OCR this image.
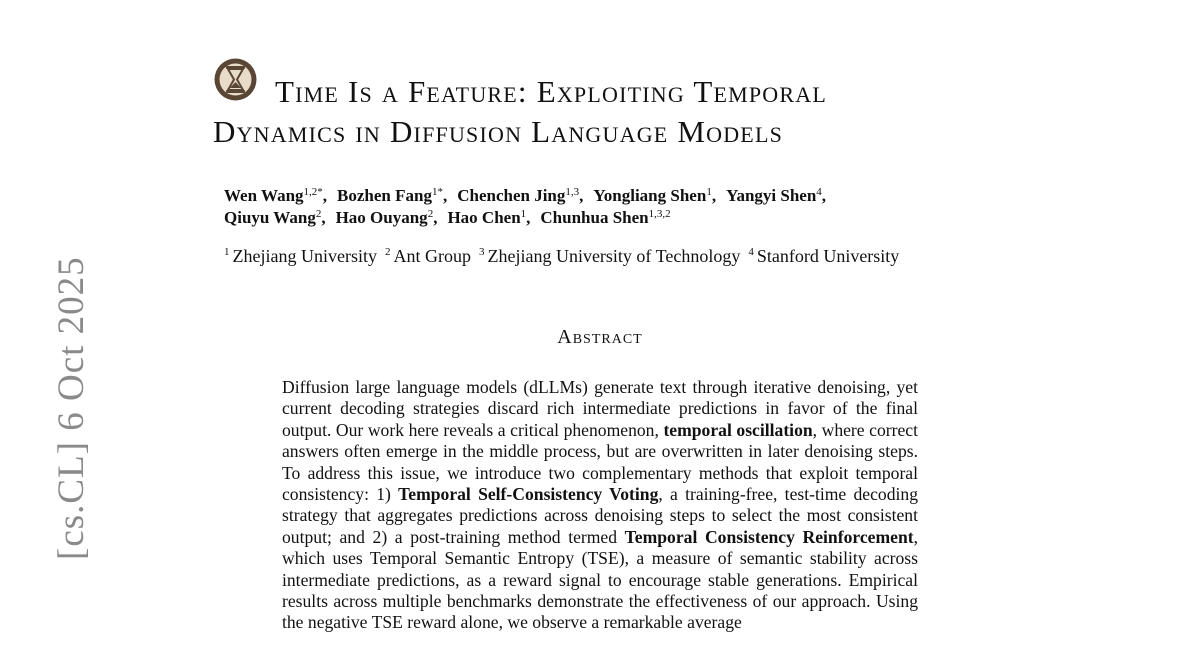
Time Is a Feature: Exploiting Temporal
Dynamics in Diffusion Language Models
Wen Wang$^{1,2*}$, Bozhen Fang$^{1*}$, Chenchen Jing$^{1,3}$, Yongliang Shen$^1$, Yangyi Shen$^4$,
Qiuyu Wang$^2$, Hao Ouyang$^2$, Hao Chen$^1$, Chunhua Shen$^{1,3,2}$
$^1$ Zhejiang University $^2$ Ant Group $^3$ Zhejiang University of Technology $^4$ Stanford University
Abstract

Diffusion large language models (dLLMs) generate text through iterative denoising, yet current decoding strategies discard rich intermediate predictions in favor of the final output. Our work here reveals a critical phenomenon, temporal oscillation, where correct answers often emerge in the middle process, but are overwritten in later denoising steps. To address this issue, we introduce two complementary methods that exploit temporal consistency: 1) Temporal Self-Consistency Voting, a training-free, test-time decoding strategy that aggregates predictions across denoising steps to select the most consistent output; and 2) a post-training method termed Temporal Consistency Reinforcement, which uses Temporal Semantic Entropy (TSE), a measure of semantic stability across intermediate predictions, as a reward signal to encourage stable generations. Empirical results across multiple benchmarks demonstrate the effectiveness of our approach. Using the negative TSE reward alone, we observe a remarkable average

[cs.CL] 6 Oct 2025
